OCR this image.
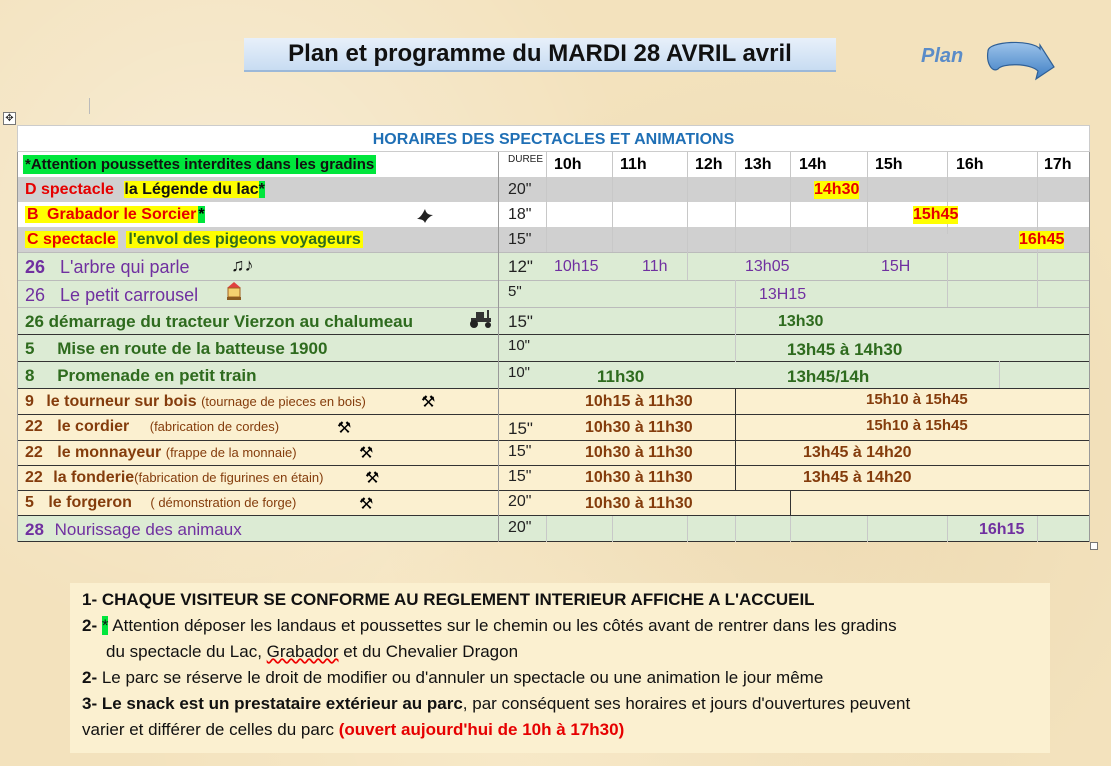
Plan et programme du MARDI 28 AVRIL avril	Plan
✥
HORAIRES DES SPECTACLES ET ANIMATIONS
*Attention poussettes interdites dans les gradins	DUREE 10h 11h	12h 13h 14h	15h	16h	17h
D spectacle la Légende du lac*	20"	14h30
B Grabador le Sorcier *	18"	15h45
C spectacle l'envol des pigeons voyageurs	15"	16h45
26 L'arbre qui parle ♫♪	12" 10h15	11h	13h05	15H
26 Le petit carrousel	5"	13H15
26 démarrage du tracteur Vierzon au chalumeau	15"	13h30
5 Mise en route de la batteuse 1900	10"	13h45 à 14h30
8 Promenade en petit train	10"	11h30	13h45/14h
9 le tourneur sur bois (tournage de pieces en bois)	⚒	10h15 à 11h30	15h10 à 15h45
22 le cordier (fabrication de cordes)	⚒	15"	10h30 à 11h30	15h10 à 15h45
22 le monnayeur (frappe de la monnaie)	⚒	15"	10h30 à 11h30	13h45 à 14h20
22 la fonderie(fabrication de figurines en étain)	⚒	15"	10h30 à 11h30	13h45 à 14h20
5 le forgeron ( démonstration de forge)	⚒	20"	10h30 à 11h30
28 Nourissage des animaux	20"	16h15

1- CHAQUE VISITEUR SE CONFORME AU REGLEMENT INTERIEUR AFFICHE A L'ACCUEIL

2- * Attention déposer les landaus et poussettes sur le chemin ou les côtés avant de rentrer dans les gradins

du spectacle du Lac, Grabador et du Chevalier Dragon

2- Le parc se réserve le droit de modifier ou d'annuler un spectacle ou une animation le jour même

3- Le snack est un prestataire extérieur au parc, par conséquent ses horaires et jours d'ouvertures peuvent

varier et différer de celles du parc (ouvert aujourd'hui de 10h à 17h30)
